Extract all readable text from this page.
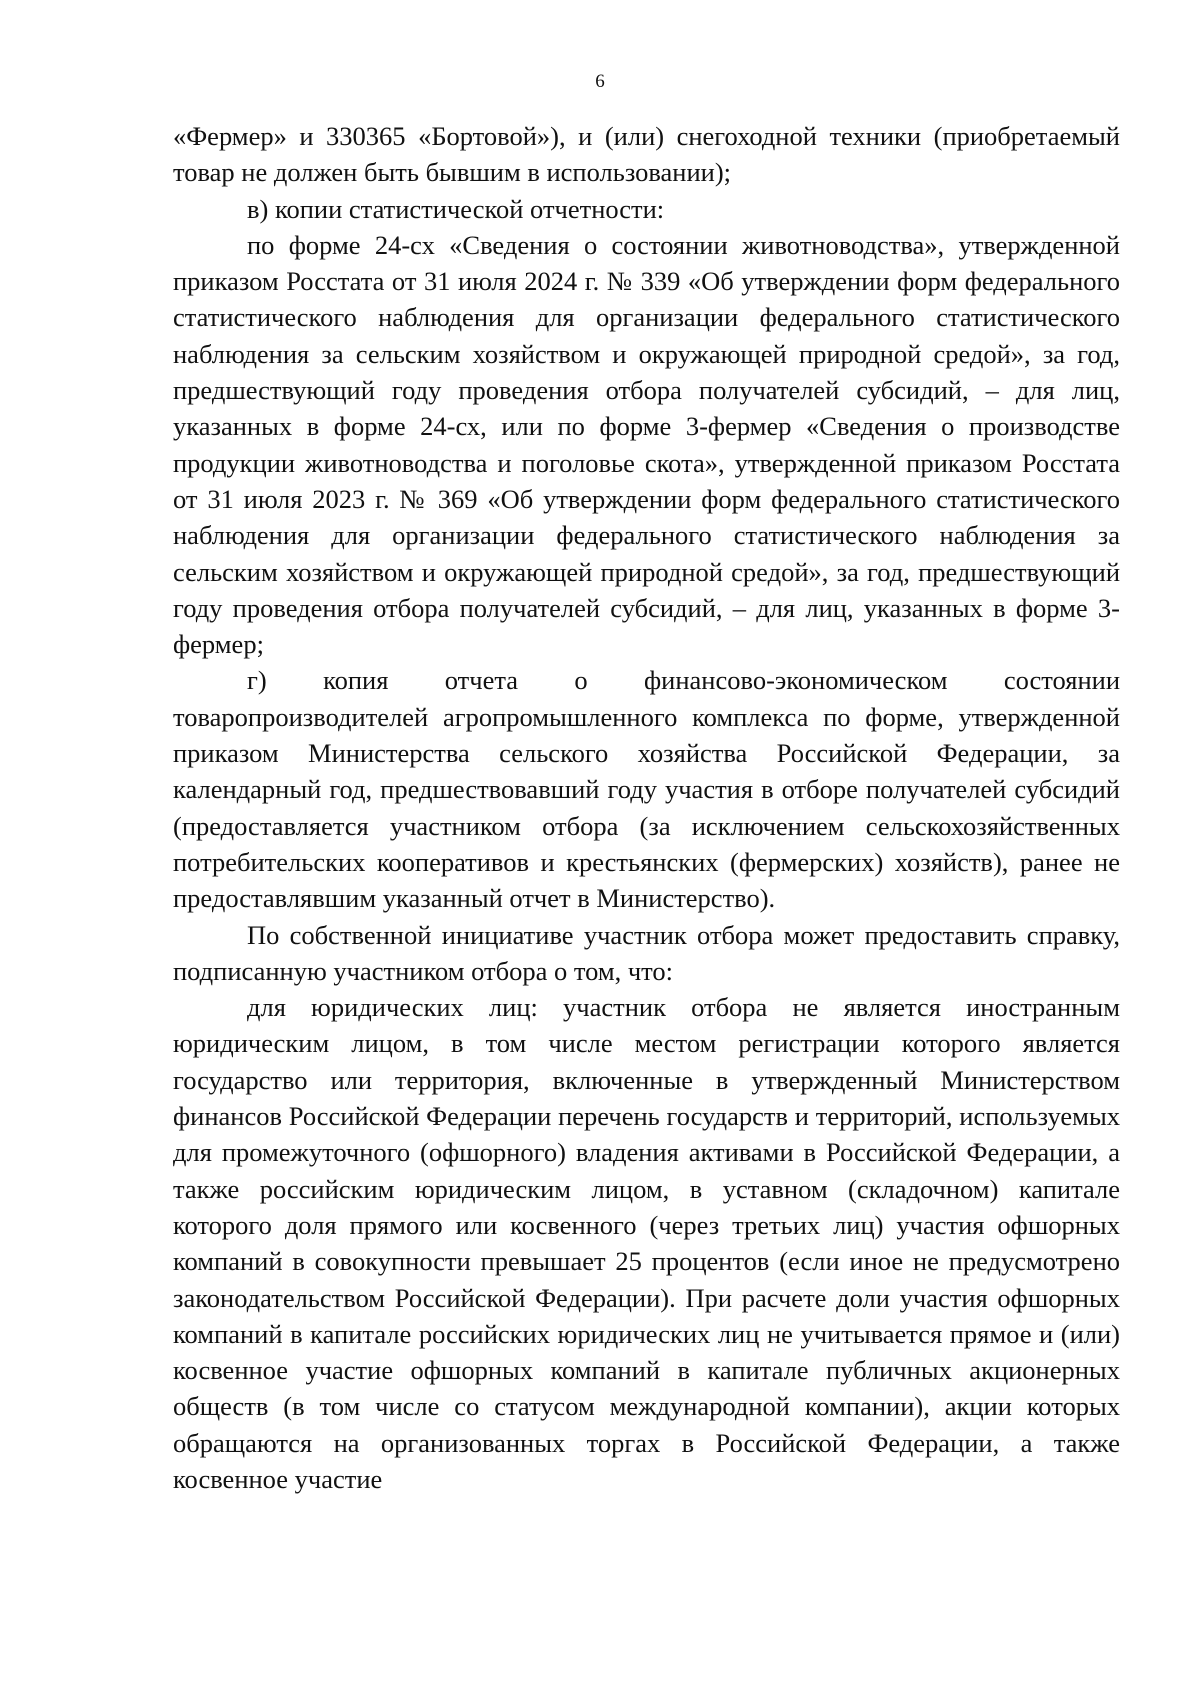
6

«Фермер» и 330365 «Бортовой»), и (или) снегоходной техники (приобретаемый товар не должен быть бывшим в использовании);

в) копии статистической отчетности:

по форме 24-сх «Сведения о состоянии животноводства», утвержденной приказом Росстата от 31 июля 2024 г. № 339 «Об утверждении форм федерального статистического наблюдения для организации федерального статистического наблюдения за сельским хозяйством и окружающей природной средой», за год, предшествующий году проведения отбора получателей субсидий, – для лиц, указанных в форме 24-сх, или по форме 3-фермер «Сведения о производстве продукции животноводства и поголовье скота», утвержденной приказом Росстата от 31 июля 2023 г. № 369 «Об утверждении форм федерального статистического наблюдения для организации федерального статистического наблюдения за сельским хозяйством и окружающей природной средой», за год, предшествующий году проведения отбора получателей субсидий, – для лиц, указанных в форме 3-фермер;

г) копия отчета о финансово-экономическом состоянии товаропроизводителей агропромышленного комплекса по форме, утвержденной приказом Министерства сельского хозяйства Российской Федерации, за календарный год, предшествовавший году участия в отборе получателей субсидий (предоставляется участником отбора (за исключением сельскохозяйственных потребительских кооперативов и крестьянских (фермерских) хозяйств), ранее не предоставлявшим указанный отчет в Министерство).

По собственной инициативе участник отбора может предоставить справку, подписанную участником отбора о том, что:

для юридических лиц: участник отбора не является иностранным юридическим лицом, в том числе местом регистрации которого является государство или территория, включенные в утвержденный Министерством финансов Российской Федерации перечень государств и территорий, используемых для промежуточного (офшорного) владения активами в Российской Федерации, а также российским юридическим лицом, в уставном (складочном) капитале которого доля прямого или косвенного (через третьих лиц) участия офшорных компаний в совокупности превышает 25 процентов (если иное не предусмотрено законодательством Российской Федерации). При расчете доли участия офшорных компаний в капитале российских юридических лиц не учитывается прямое и (или) косвенное участие офшорных компаний в капитале публичных акционерных обществ (в том числе со статусом международной компании), акции которых обращаются на организованных торгах в Российской Федерации, а также косвенное участие
